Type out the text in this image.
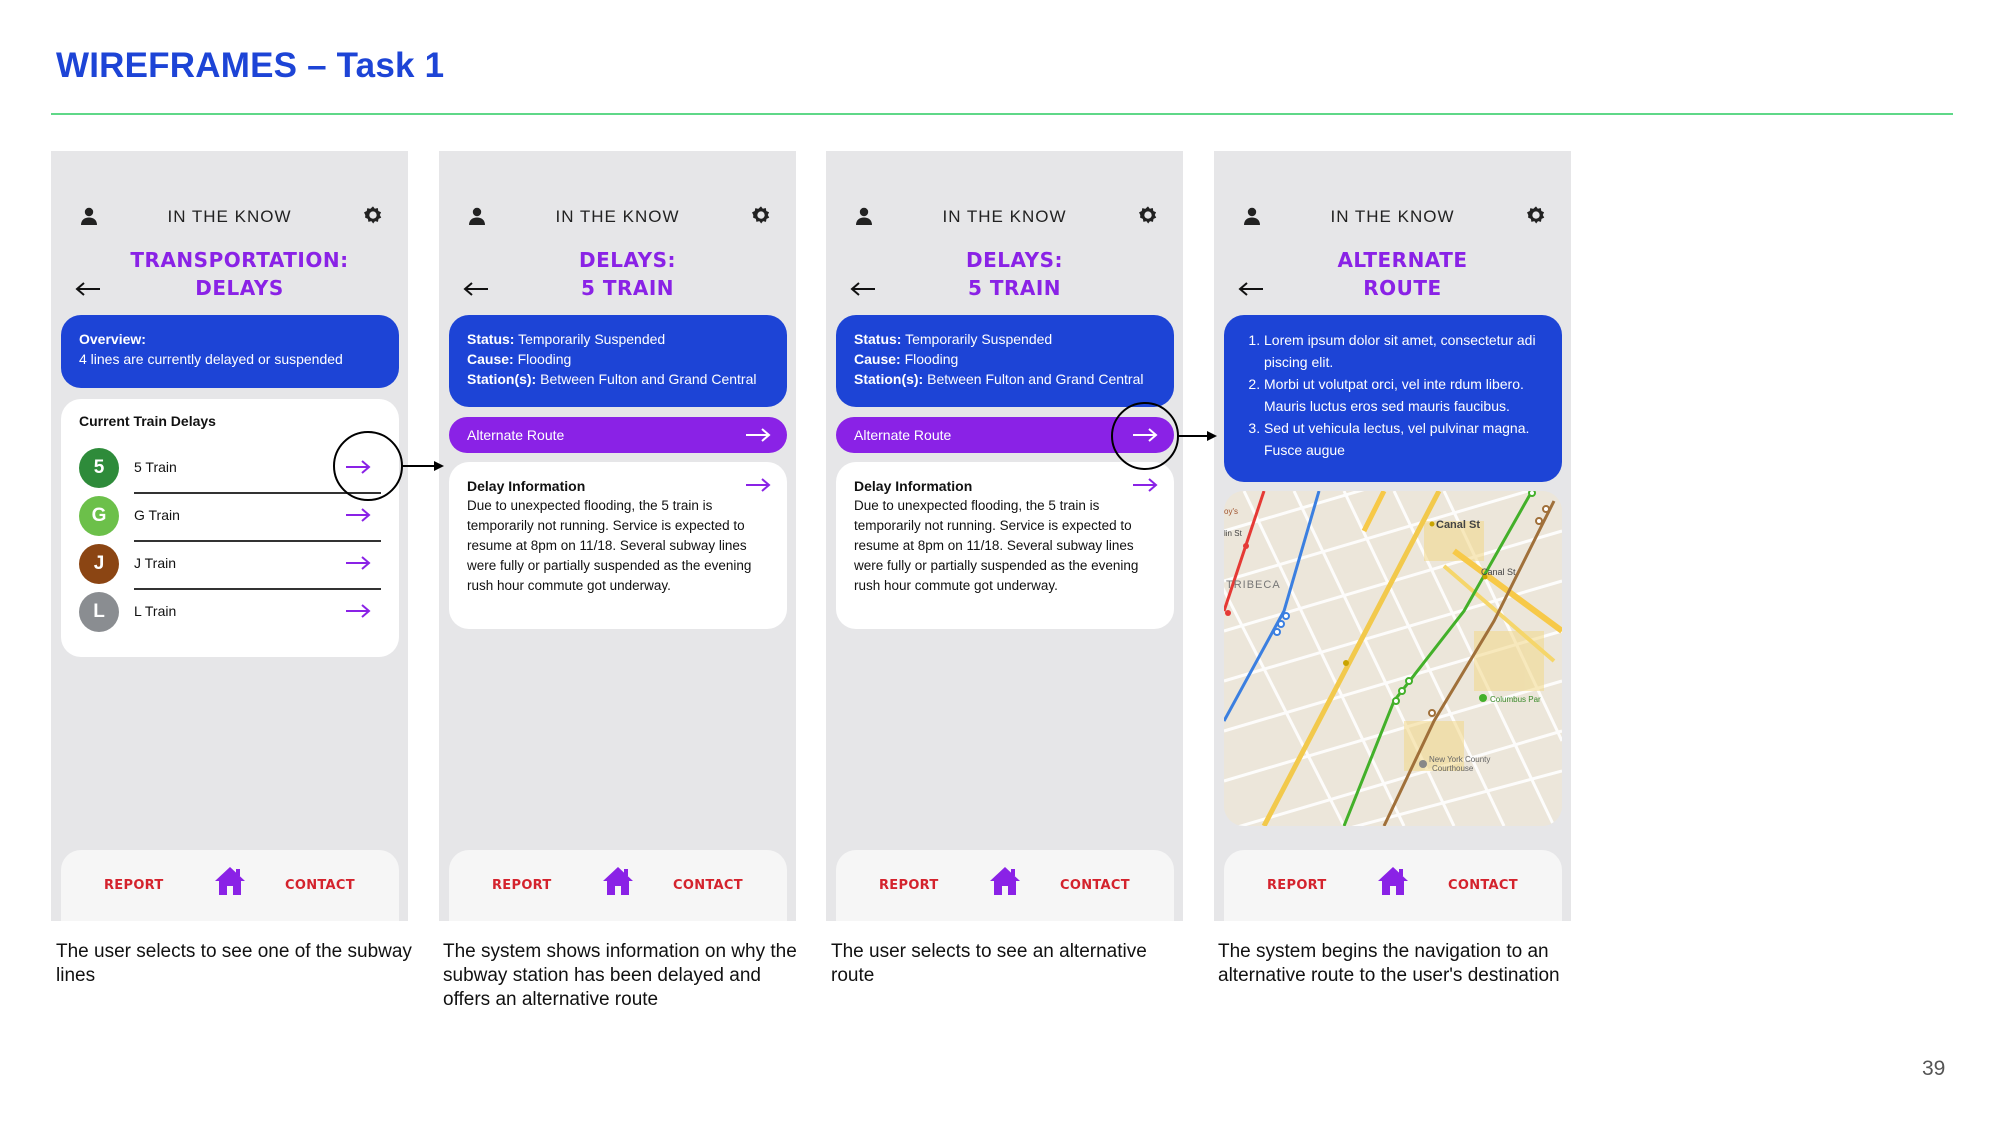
WIREFRAMES – Task 1
IN THE KNOW
TRANSPORTATION:
DELAYS
Overview:
4 lines are currently delayed or suspended
Current Train Delays
5	5 Train
G	G Train
J	J Train
L	L Train
REPORT	CONTACT
IN THE KNOW
DELAYS:
5 TRAIN
Status: Temporarily Suspended
Cause: Flooding
Station(s): Between Fulton and Grand Central
Alternate Route
Delay Information
Due to unexpected flooding, the 5 train is temporarily not running. Service is expected to resume at 8pm on 11/18. Several subway lines were fully or partially suspended as the evening rush hour commute got underway.
REPORT	CONTACT
IN THE KNOW
DELAYS:
5 TRAIN
Status: Temporarily Suspended
Cause: Flooding
Station(s): Between Fulton and Grand Central
Alternate Route
Delay Information
Due to unexpected flooding, the 5 train is temporarily not running. Service is expected to resume at 8pm on 11/18. Several subway lines were fully or partially suspended as the evening rush hour commute got underway.
REPORT	CONTACT
IN THE KNOW
ALTERNATE
ROUTE
1. Lorem ipsum dolor sit amet, consectetur adi piscing elit.
2. Morbi ut volutpat orci, vel inte rdum libero. Mauris luctus eros sed mauris faucibus.
3. Sed ut vehicula lectus, vel pulvinar magna. Fusce augue
Canal St
Canal St
TRIBECA
Columbus Par
New York County
Courthouse
oy's
lin St
REPORT	CONTACT
The user selects to see one of the subway lines
The system shows information on why the subway station has been delayed and offers an alternative route
The user selects to see an alternative route
The system begins the navigation to an alternative route to the user's destination
39
